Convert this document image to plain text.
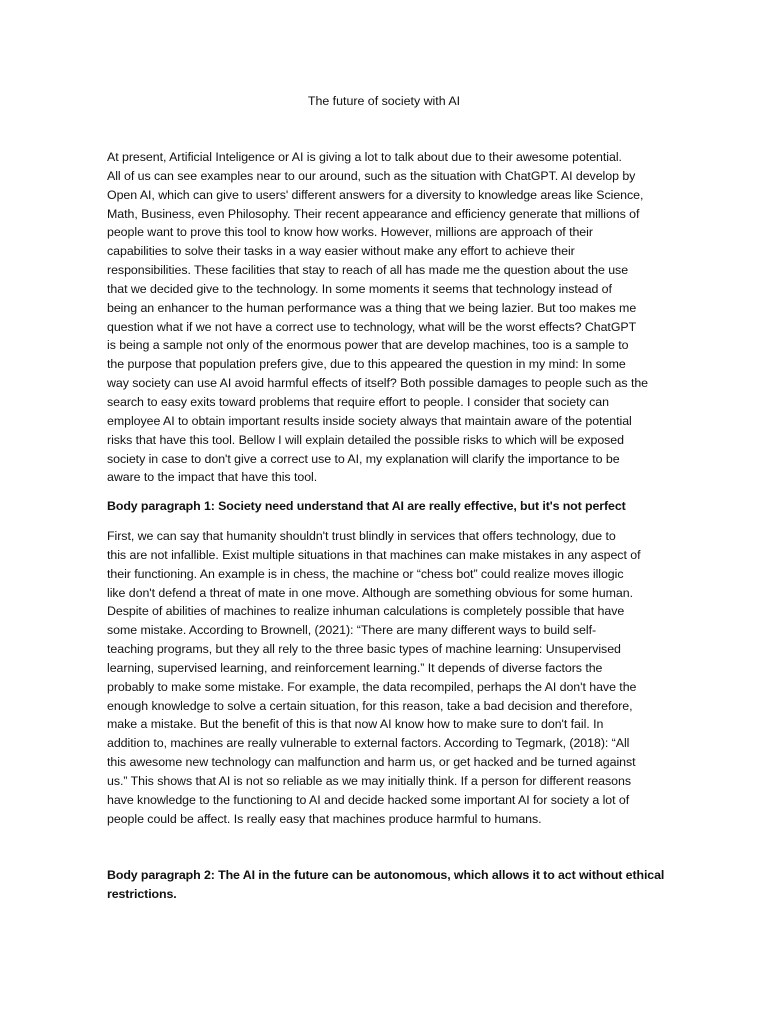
The future of society with AI
At present, Artificial Inteligence or AI is giving a lot to talk about due to their awesome potential.
All of us can see examples near to our around, such as the situation with ChatGPT. AI develop by
Open AI, which can give to users' different answers for a diversity to knowledge areas like Science,
Math, Business, even Philosophy. Their recent appearance and efficiency generate that millions of
people want to prove this tool to know how works. However, millions are approach of their
capabilities to solve their tasks in a way easier without make any effort to achieve their
responsibilities. These facilities that stay to reach of all has made me the question about the use
that we decided give to the technology. In some moments it seems that technology instead of
being an enhancer to the human performance was a thing that we being lazier. But too makes me
question what if we not have a correct use to technology, what will be the worst effects? ChatGPT
is being a sample not only of the enormous power that are develop machines, too is a sample to
the purpose that population prefers give, due to this appeared the question in my mind: In some
way society can use AI avoid harmful effects of itself? Both possible damages to people such as the
search to easy exits toward problems that require effort to people. I consider that society can
employee AI to obtain important results inside society always that maintain aware of the potential
risks that have this tool. Bellow I will explain detailed the possible risks to which will be exposed
society in case to don't give a correct use to AI, my explanation will clarify the importance to be
aware to the impact that have this tool.
Body paragraph 1: Society need understand that AI are really effective, but it's not perfect
First, we can say that humanity shouldn't trust blindly in services that offers technology, due to
this are not infallible. Exist multiple situations in that machines can make mistakes in any aspect of
their functioning. An example is in chess, the machine or “chess bot” could realize moves illogic
like don't defend a threat of mate in one move. Although are something obvious for some human.
Despite of abilities of machines to realize inhuman calculations is completely possible that have
some mistake. According to Brownell, (2021): “There are many different ways to build self-
teaching programs, but they all rely to the three basic types of machine learning: Unsupervised
learning, supervised learning, and reinforcement learning.” It depends of diverse factors the
probably to make some mistake. For example, the data recompiled, perhaps the AI don't have the
enough knowledge to solve a certain situation, for this reason, take a bad decision and therefore,
make a mistake. But the benefit of this is that now AI know how to make sure to don't fail. In
addition to, machines are really vulnerable to external factors. According to Tegmark, (2018): “All
this awesome new technology can malfunction and harm us, or get hacked and be turned against
us.” This shows that AI is not so reliable as we may initially think. If a person for different reasons
have knowledge to the functioning to AI and decide hacked some important AI for society a lot of
people could be affect. Is really easy that machines produce harmful to humans.
Body paragraph 2: The AI in the future can be autonomous, which allows it to act without ethical
restrictions.
